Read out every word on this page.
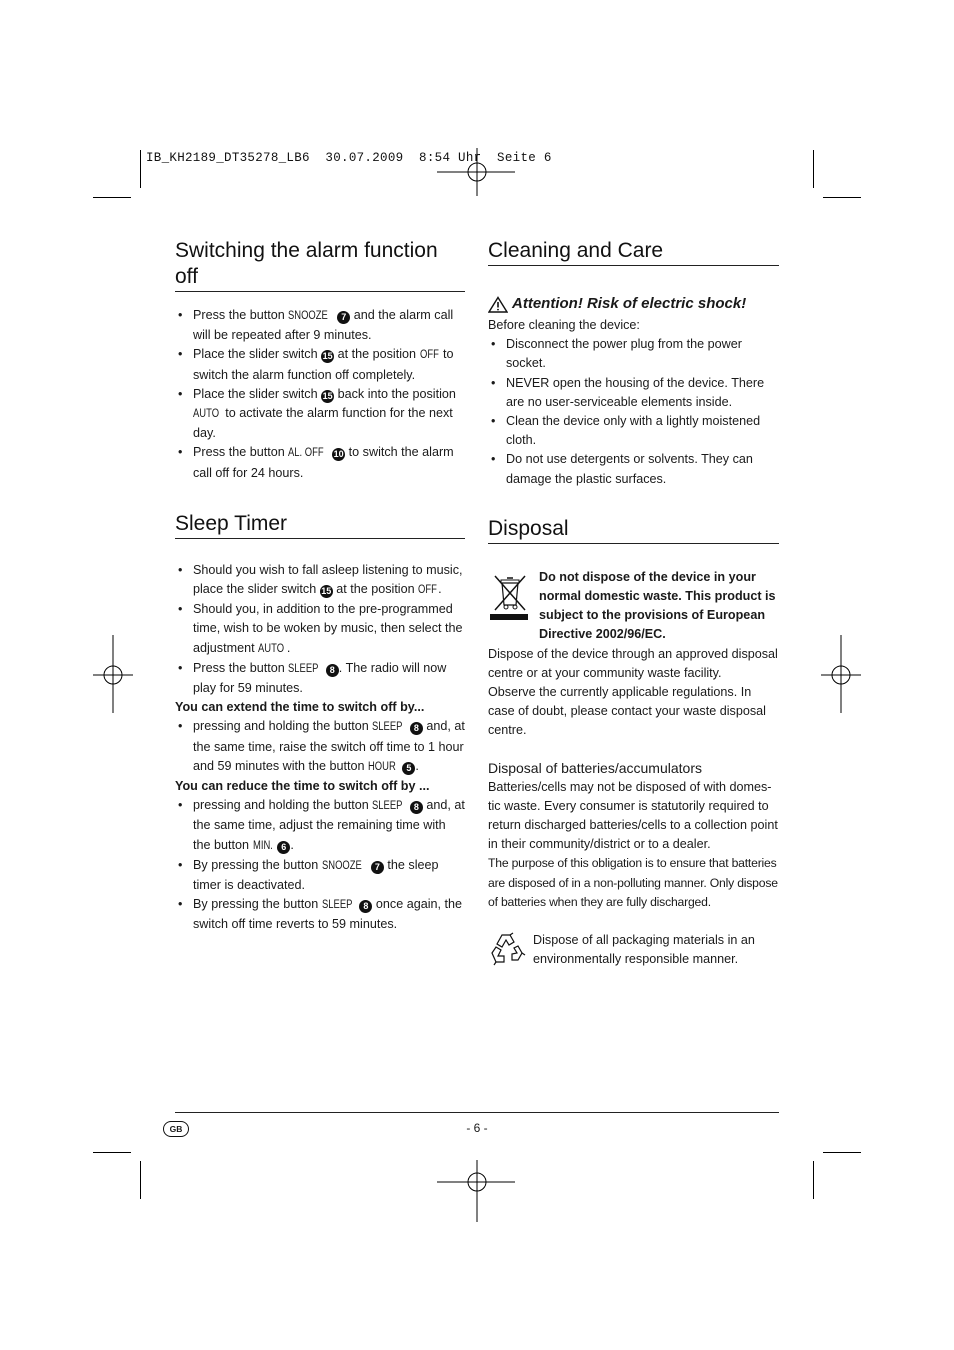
IB_KH2189_DT35278_LB6  30.07.2009  8:54 Uhr  Seite 6
Switching the alarm function off
• Press the button SNOOZE 7 and the alarm call will be repeated after 9 minutes.
• Place the slider switch 15 at the position OFF to switch the alarm function off completely.
• Place the slider switch 15 back into the position AUTO to activate the alarm function for the next day.
• Press the button AL. OFF 10 to switch the alarm call off for 24 hours.
Sleep Timer
• Should you wish to fall asleep listening to music, place the slider switch 15 at the position OFF.
• Should you, in addition to the pre-programmed time, wish to be woken by music, then select the adjustment AUTO .
• Press the button SLEEP 8 . The radio will now play for 59 minutes.

You can extend the time to switch off by...

• pressing and holding the button SLEEP 8 and, at the same time, raise the switch off time to 1 hour and 59 minutes with the button HOUR 5 .

You can reduce the time to switch off by ...

• pressing and holding the button SLEEP 8 and, at the same time, adjust the remaining time with the button MIN. 6 .
• By pressing the button SNOOZE 7 the sleep timer is deactivated.
• By pressing the button SLEEP 8 once again, the switch off time reverts to 59 minutes.
Cleaning and Care
Attention! Risk of electric shock!

Before cleaning the device:

• Disconnect the power plug from the power socket.
• NEVER open the housing of the device. There are no user-serviceable elements inside.
• Clean the device only with a lightly moistened cloth.
• Do not use detergents or solvents. They can damage the plastic surfaces.
Disposal

Do not dispose of the device in your normal domestic waste. This product is subject to the provisions of European Directive 2002/96/EC.

Dispose of the device through an approved disposal centre or at your community waste facility.

Observe the currently applicable regulations. In case of doubt, please contact your waste disposal centre.

Disposal of batteries/accumulators

Batteries/cells may not be disposed of with domes-tic waste. Every consumer is statutorily required to return discharged batteries/cells to a collection point in their community/district or to a dealer.

The purpose of this obligation is to ensure that batteries are disposed of in a non-polluting manner. Only dispose of batteries when they are fully discharged.

Dispose of all packaging materials in an environmentally responsible manner.

GB	- 6 -
